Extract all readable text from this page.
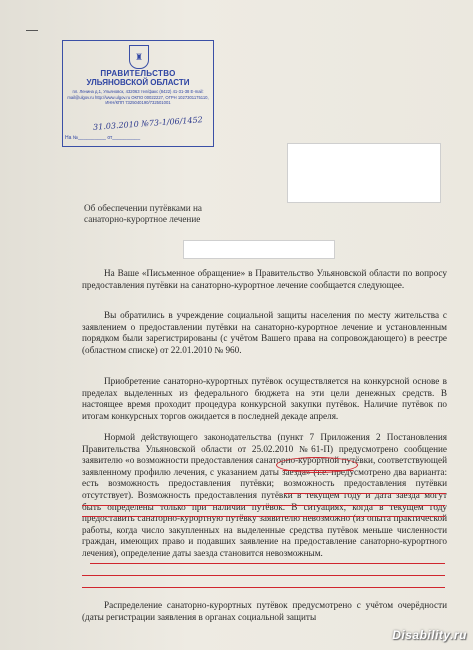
♜
ПРАВИТЕЛЬСТВО
УЛЬЯНОВСКОЙ ОБЛАСТИ
пл. Ленина д.1, Ульяновск, 432063 тел/факс (8422) 41-31-38 E-mail: mail@ulgov.ru http://www.ulgov.ru ОКПО 00022227, ОГРН 1027301175110, ИНН/КПП 7325040190/732501001
31.03.2010 №73-1/06/1452
На №__________ от__________
Об обеспечении путёвками на
санаторно-курортное лечение
На Ваше «Письменное обращение» в Правительство Ульяновской области по вопросу предоставления путёвки на санаторно-курортное лечение сообщается следующее.
Вы обратились в учреждение социальной защиты населения по месту жительства с заявлением о предоставлении путёвки на санаторно-курортное лечение и установленным порядком были зарегистрированы (с учётом Вашего права на сопровождающего) в реестре (областном списке) от 22.01.2010 № 960.
Приобретение санаторно-курортных путёвок осуществляется на конкурсной основе в пределах выделенных из федерального бюджета на эти цели денежных средств. В настоящее время проходит процедура конкурсной закупки путёвок. Наличие путёвок по итогам конкурсных торгов ожидается в последней декаде апреля.
Нормой действующего законодательства (пункт 7 Приложения 2 Постановления Правительства Ульяновской области от 25.02.2010 №61-П) предусмотрено сообщение заявителю «о возможности предоставления санаторно-курортной путёвки, соответствующей заявленному профилю лечения, с указанием даты заезда» (т.е. предусмотрено два варианта: есть возможность предоставления путёвки; возможность предоставления путёвки отсутствует). Возможность предоставления путёвки в текущем году и дата заезда могут быть определены только при наличии путёвок. В ситуациях, когда в текущем году предоставить санаторно-курортную путёвку заявителю невозможно (из опыта практической работы, когда число закупленных на выделенные средства путёвок меньше численности граждан, имеющих право и подавших заявление на предоставление санаторно-курортного лечения), определение даты заезда становится невозможным.
Распределение санаторно-курортных путёвок предусмотрено с учётом очерёдности (даты регистрации заявления в органах социальной защиты
Disability.ru
